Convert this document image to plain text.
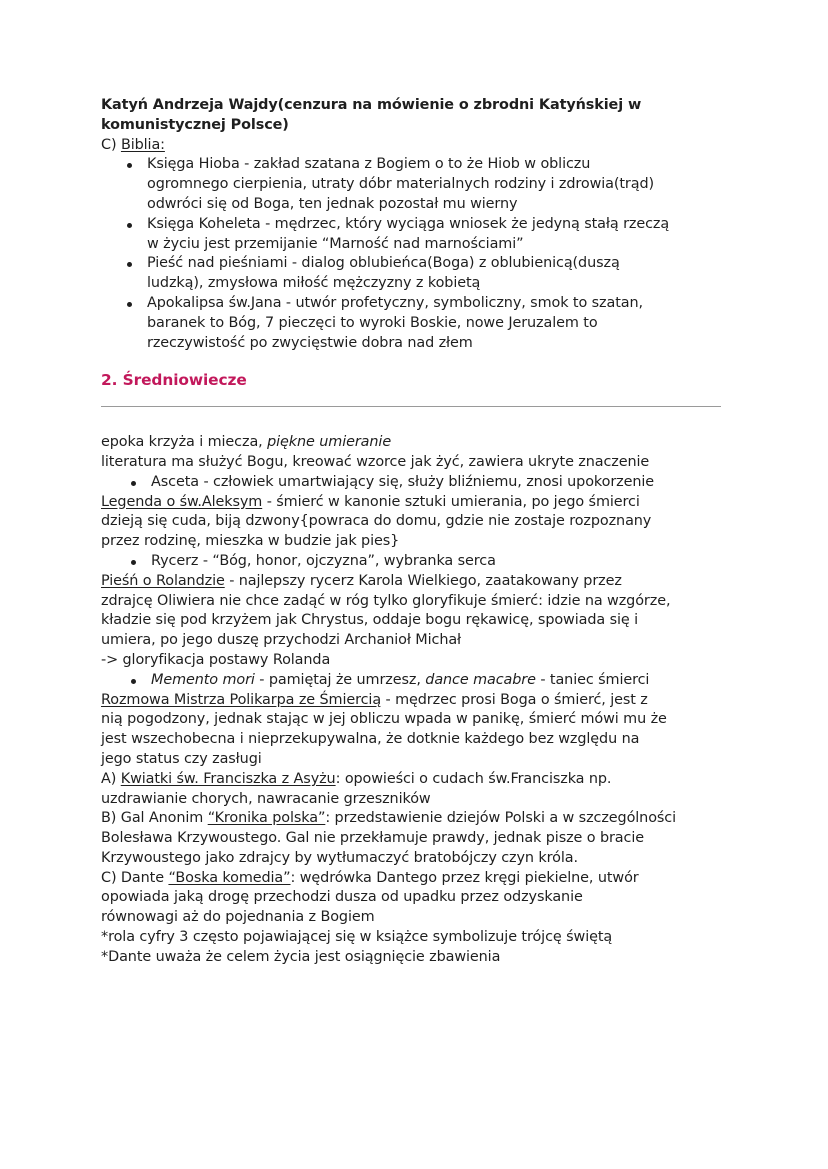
Katyń Andrzeja Wajdy(cenzura na mówienie o zbrodni Katyńskiej w

komunistycznej Polsce)

C) Biblia:

Księga Hioba - zakład szatana z Bogiem o to że Hiob w obliczu

ogromnego cierpienia, utraty dóbr materialnych rodziny i zdrowia(trąd)

odwróci się od Boga, ten jednak pozostał mu wierny

Księga Koheleta - mędrzec, który wyciąga wniosek że jedyną stałą rzeczą

w życiu jest przemijanie “Marność nad marnościami”

Pieść nad pieśniami - dialog oblubieńca(Boga) z oblubienicą(duszą

ludzką), zmysłowa miłość mężczyzny z kobietą

Apokalipsa św.Jana - utwór profetyczny, symboliczny, smok to szatan,

baranek to Bóg, 7 pieczęci to wyroki Boskie, nowe Jeruzalem to

rzeczywistość po zwycięstwie dobra nad złem

2. Średniowiecze

epoka krzyża i miecza, piękne umieranie

literatura ma służyć Bogu, kreować wzorce jak żyć, zawiera ukryte znaczenie

Asceta - człowiek umartwiający się, służy bliźniemu, znosi upokorzenie

Legenda o św.Aleksym - śmierć w kanonie sztuki umierania, po jego śmierci

dzieją się cuda, biją dzwony{powraca do domu, gdzie nie zostaje rozpoznany

przez rodzinę, mieszka w budzie jak pies}

Rycerz - “Bóg, honor, ojczyzna”, wybranka serca

Pieśń o Rolandzie - najlepszy rycerz Karola Wielkiego, zaatakowany przez

zdrajcę Oliwiera nie chce zadąć w róg tylko gloryfikuje śmierć: idzie na wzgórze,

kładzie się pod krzyżem jak Chrystus, oddaje bogu rękawicę, spowiada się i

umiera, po jego duszę przychodzi Archanioł Michał

-> gloryfikacja postawy Rolanda

Memento mori - pamiętaj że umrzesz, dance macabre - taniec śmierci

Rozmowa Mistrza Polikarpa ze Śmiercią - mędrzec prosi Boga o śmierć, jest z

nią pogodzony, jednak stając w jej obliczu wpada w panikę, śmierć mówi mu że

jest wszechobecna i nieprzekupywalna, że dotknie każdego bez względu na

jego status czy zasługi

A) Kwiatki św. Franciszka z Asyżu: opowieści o cudach św.Franciszka np.

uzdrawianie chorych, nawracanie grzeszników

B) Gal Anonim “Kronika polska”: przedstawienie dziejów Polski a w szczególności

Bolesława Krzywoustego. Gal nie przekłamuje prawdy, jednak pisze o bracie

Krzywoustego jako zdrajcy by wytłumaczyć bratobójczy czyn króla.

C) Dante “Boska komedia”: wędrówka Dantego przez kręgi piekielne, utwór

opowiada jaką drogę przechodzi dusza od upadku przez odzyskanie

równowagi aż do pojednania z Bogiem

*rola cyfry 3 często pojawiającej się w książce symbolizuje trójcę świętą

*Dante uważa że celem życia jest osiągnięcie zbawienia
